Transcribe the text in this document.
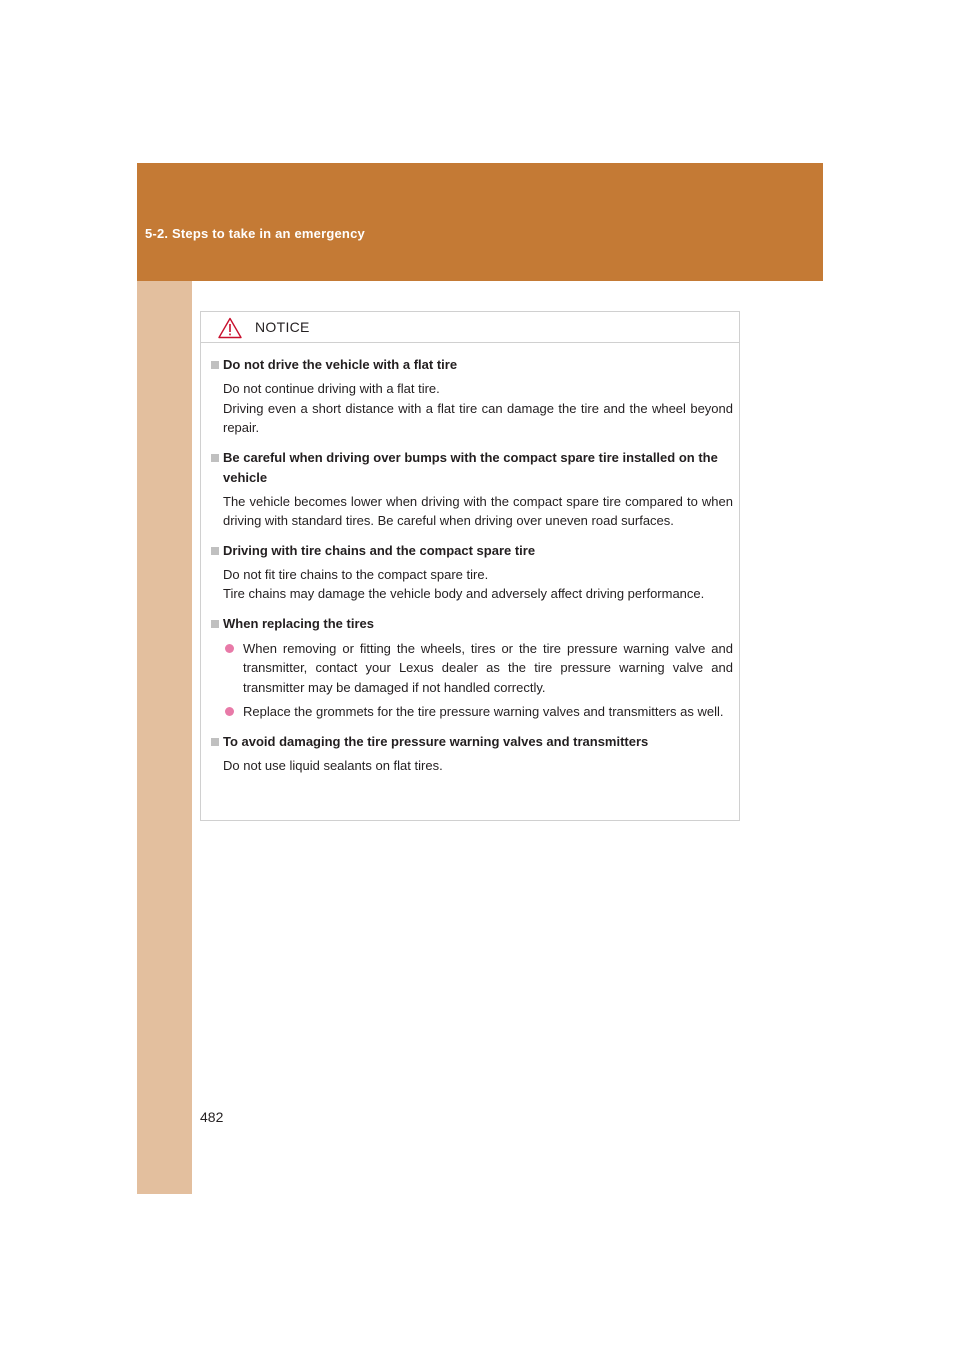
5-2. Steps to take in an emergency
NOTICE
Do not drive the vehicle with a flat tire
Do not continue driving with a flat tire.
Driving even a short distance with a flat tire can damage the tire and the wheel beyond repair.
Be careful when driving over bumps with the compact spare tire installed on the vehicle
The vehicle becomes lower when driving with the compact spare tire compared to when driving with standard tires. Be careful when driving over uneven road surfaces.
Driving with tire chains and the compact spare tire
Do not fit tire chains to the compact spare tire.
Tire chains may damage the vehicle body and adversely affect driving performance.
When replacing the tires
When removing or fitting the wheels, tires or the tire pressure warning valve and transmitter, contact your Lexus dealer as the tire pressure warning valve and transmitter may be damaged if not handled correctly.
Replace the grommets for the tire pressure warning valves and transmitters as well.
To avoid damaging the tire pressure warning valves and transmitters
Do not use liquid sealants on flat tires.
482
